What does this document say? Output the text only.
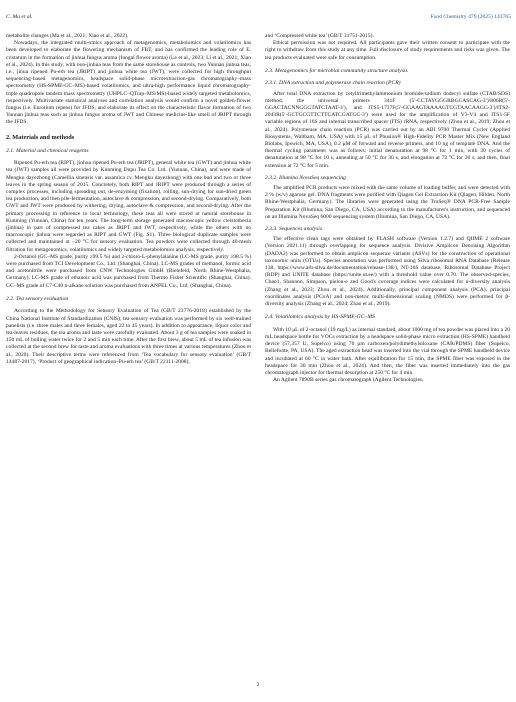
C. Ma et al.	Food Chemistry 479 (2025) 143765

metabolite changes (Ma et al., 2021; Xiao et al., 2022).

Nowadays, the integrated multi-omics approach of metagenomics, metabolomics and volatilomics has been developed to elaborate the flowering mechanism of FBT, and has confirmed the leading role of E. cristatum in the formation of jinhua fungus aroma (fungal flower aroma) (Le et al., 2023; Li et al., 2021; Xiao et al., 2024). In this study, with non-jinhua teas from the same storehouse as controls, two Yunnan jinhua teas, i.e., jinua ripened Pu-erh tea (JRIPT) and jinhua white tea (JWT), were collected for high throughput sequencing-based metagenomics, headspace solid-phase microextraction-gas chromatography–mass spectrometry (HS-SPME-GC–MS)-based volatilomics, and ultra-high performance liquid chromatography-triple quadrupole tandem mass spectrometry (UHPLC–QTrap–MS/MS)-based widely targeted metabolomics, respectively. Multivariate statistical analyses and correlation analysis would confirm a novel golden-flower fungus (i.e. Eurotium repens) for JFDS, and elaborate its effect on the characteristic flavor formation of two Yunnan jinhua teas such as jinhua fungus aroma of JWT and Chinese medicine-like smell of JRIPT through the JFDS.

2. Materials and methods
2.1. Material and chemical reagents

Ripened Pu-erh tea (RIPT), jinhua ripened Pu-erh tea (JRIPT), general white tea (GWT) and jinhua white tea (JWT) samples all were provided by Kunming Dupu Tea Co. Ltd. (Yunnan, China), and were made of Mengku dayezhong (Camellia sinensis var. assamica cv. Mengku dayezhong) with one bud and two or three leaves in the spring season of 2015. Concretely, both RIPT and JRIPT were produced through a series of complex processes, including spreading out, de-enzyming (fixation), rolling, sun-drying for sun-dried green tea production, and then pile-fermentation, autoclave & compression, and second-drying. Comparatively, both GWT and JWT were produced by withering, drying, autoclave & compression, and second-drying. After the primary processing in reference to local technology, these teas all were stored at natural storehouse in Kunming (Yunnan, China) for ten years. The long-term storage generated macroscopic yellow cleistothecia (jinhua) in part of compressed tea cakes as JRIPT and JWT, respectively, while the others with no macroscopic jinhua were regarded as RIPT and GWT (Fig. S1). Three biological duplicate samples were collected and maintained at −20 °C for sensory evaluation. Tea powders were collected through 40-mesh filtration for metagenomics, volatilomics and widely targeted metabolomics analysis, respectively.

2-Octanol (GC–MS grade, purity ≥99.5 %) and 2-chloro-L-phenylalanine (LC-MS grade, purity ≥98.5 %) were purchased from TCI Development Co., Ltd. (Shanghai, China). LC-MS grades of methanol, formic acid and acetonitrile were purchased from CNW Technologies GmbH (Bielefeld, North Rhine-Westphalia, Germany). LC-MS grade of ethanoic acid was purchased from Thermo Fisher Scientific (Shanghai, China). GC–MS grade of C7-C40 n-alkane solution was purchased from ANPEL Co., Ltd. (Shanghai, China).

2.2. Tea sensory evaluation

According to the Methodology for Sensory Evaluation of Tea (GB/T 23776-2018) established by the China National Institute of Standardization (CNIS), tea sensory evaluation was performed by six well-trained panelists (i.e. three males and three females, aged 22 to 45 years). In addition to appearance, liquor color and tea-leaves residues, the tea aroma and taste were carefully evaluated. About 3 g of tea samples were soaked in 150 mL of boiling water twice for 2 and 5 min each time. After the first brew, about 5 mL of tea infusion was collected at the second brew for taste and aroma evaluations with three times at various temperatures (Zhou et al., 2020). Their descriptive terms were referenced from ‘Tea vocabulary for sensory evaluation’ (GB/T 14487-2017), ‘Product of geographical indication–Pu-erh tea’ (GB/T 22111-2008),

and ‘Compressed white tea’ (GB/T 31751-2015).

Ethical permission was not required. All participants gave their written consent to participate with the right to withdraw from this study at any time. Full disclosure of study requirements and risks was given. The tea products evaluated were safe for consumption.

2.3. Metagenomics for microbial community structure analysis
2.3.1. DNA extraction and polymerase chain reaction (PCR)

After total DNA extraction by cetyltrimethylammonium bromide/sodium dodecyl sulfate (CTAB/SDS) method, the universal primers 341F (5′-CCTAYGGGRBGCASCAG-3′)/806R(5′-GGACTACNNGGGTATCTAAT-3′), and ITS5-1737F(5′-GGAAGTAAAAGTCGTAACAAGG-3′)/ITS2-2043R(5′-GCTGCGTTCTTCATCGATGC-3′) were used for the amplification of V3-V4 and ITS1-5F variable regions of 16S and internal transcribed spacer (ITS) rRNA, respectively (Zhou et al., 2019; Zhou et al., 2024). Polymerase chain reaction (PCR) was carried out by an ABI 9700 Thermal Cycler (Applied Biosystems, Waltham, MA, USA) with 15 μL of Phusion® High-Fidelity PCR Master Mix (New England Biolabs, Ipswich, MA, USA), 0.2 μM of forward and reverse primers, and 10 ng of template DNA. And the thermal cycling parameter was as follows: initial denaturation at 98 °C for 1 min, with 30 cycles of denaturation at 98 °C for 10 s, annealing at 50 °C for 30 s, and elongation at 72 °C for 30 s, and then, final extension at 72 °C for 5 min.

2.3.2. Illumina NovaSeq sequencing

The amplified PCR products were mixed with the same volume of loading buffer, and were detected with 2 % (w/v) agarose gel. DNA fragments were purified with Qiagen Gel Extraction Kit (Qiagen, Hilden, North Rhine-Westphalia, Germany). The libraries were generated using the TruSeq® DNA PCR-Free Sample Preparation Kit (Illumina, San Diego, CA, USA) according to the manufacturer's instruction, and sequenced on an Illumina NovaSeq 6000 sequencing system (Illumina, San Diego, CA, USA).

2.3.3. Sequences analysis

The effective clean tags were obtained by FLASH software (Version 1.2.7) and QIIME 2 software (Version 2021.11) through overlapping for sequence analysis. Divisive Amplicon Denoising Algorithm (DADA2) was performed to obtain amplicon sequence variants (ASVs) for the construction of operational taxonomic units (OTUs). Species annotation was performed using Silva ribosomal RNA Database (Release 138, https://www.arb-silva.de/documentation/release-138/), NT-16S database, Ribosomal Database Project (RDP) and UNITE database (https://unite.ut.ee/) with a threshold value over 0.70. The observed-species, Chao1, Shannon, Simpson, pielou-e and Good's coverage indices were calculated for α-diversity analysis (Zhang et al., 2023; Zhou et al., 2024). Additionally, principal component analysis (PCA), principal coordinates analysis (PCoA) and non-metric multi-dimensional scaling (NMDS) were performed for β-diversity analysis (Zhang et al., 2024; Zhao et al., 2019).

2.4. Volatilomics analysis by HS-SPME-GC–MS

With 10 μL of 2-octanol (10 mg/L) as internal standard, about 1000 mg of tea powder was placed into a 20 mL headspace bottle for VOCs extraction by a headspace solid-phase micro extraction (HS-SPME) handheld device (57,357 U, Supelco) using 70 μm carboxen/polydimethylsiloxane (CAR/PDMS) fiber (Supelco, Bellefonte, PA, USA). The aged extraction head was inserted into the vial through the SPME handheld device and incubated at 60 °C in water bath. After equilibration for 15 min, the SPME fiber was exposed in the headspace for 30 min (Zhou et al., 2024). And then, the fiber was inserted immediately into the gas chromatograph injector for thermal desorption at 250 °C for 4 min.

An Agilent 7890B series gas chromatograph (Agilent Technologies,

2
